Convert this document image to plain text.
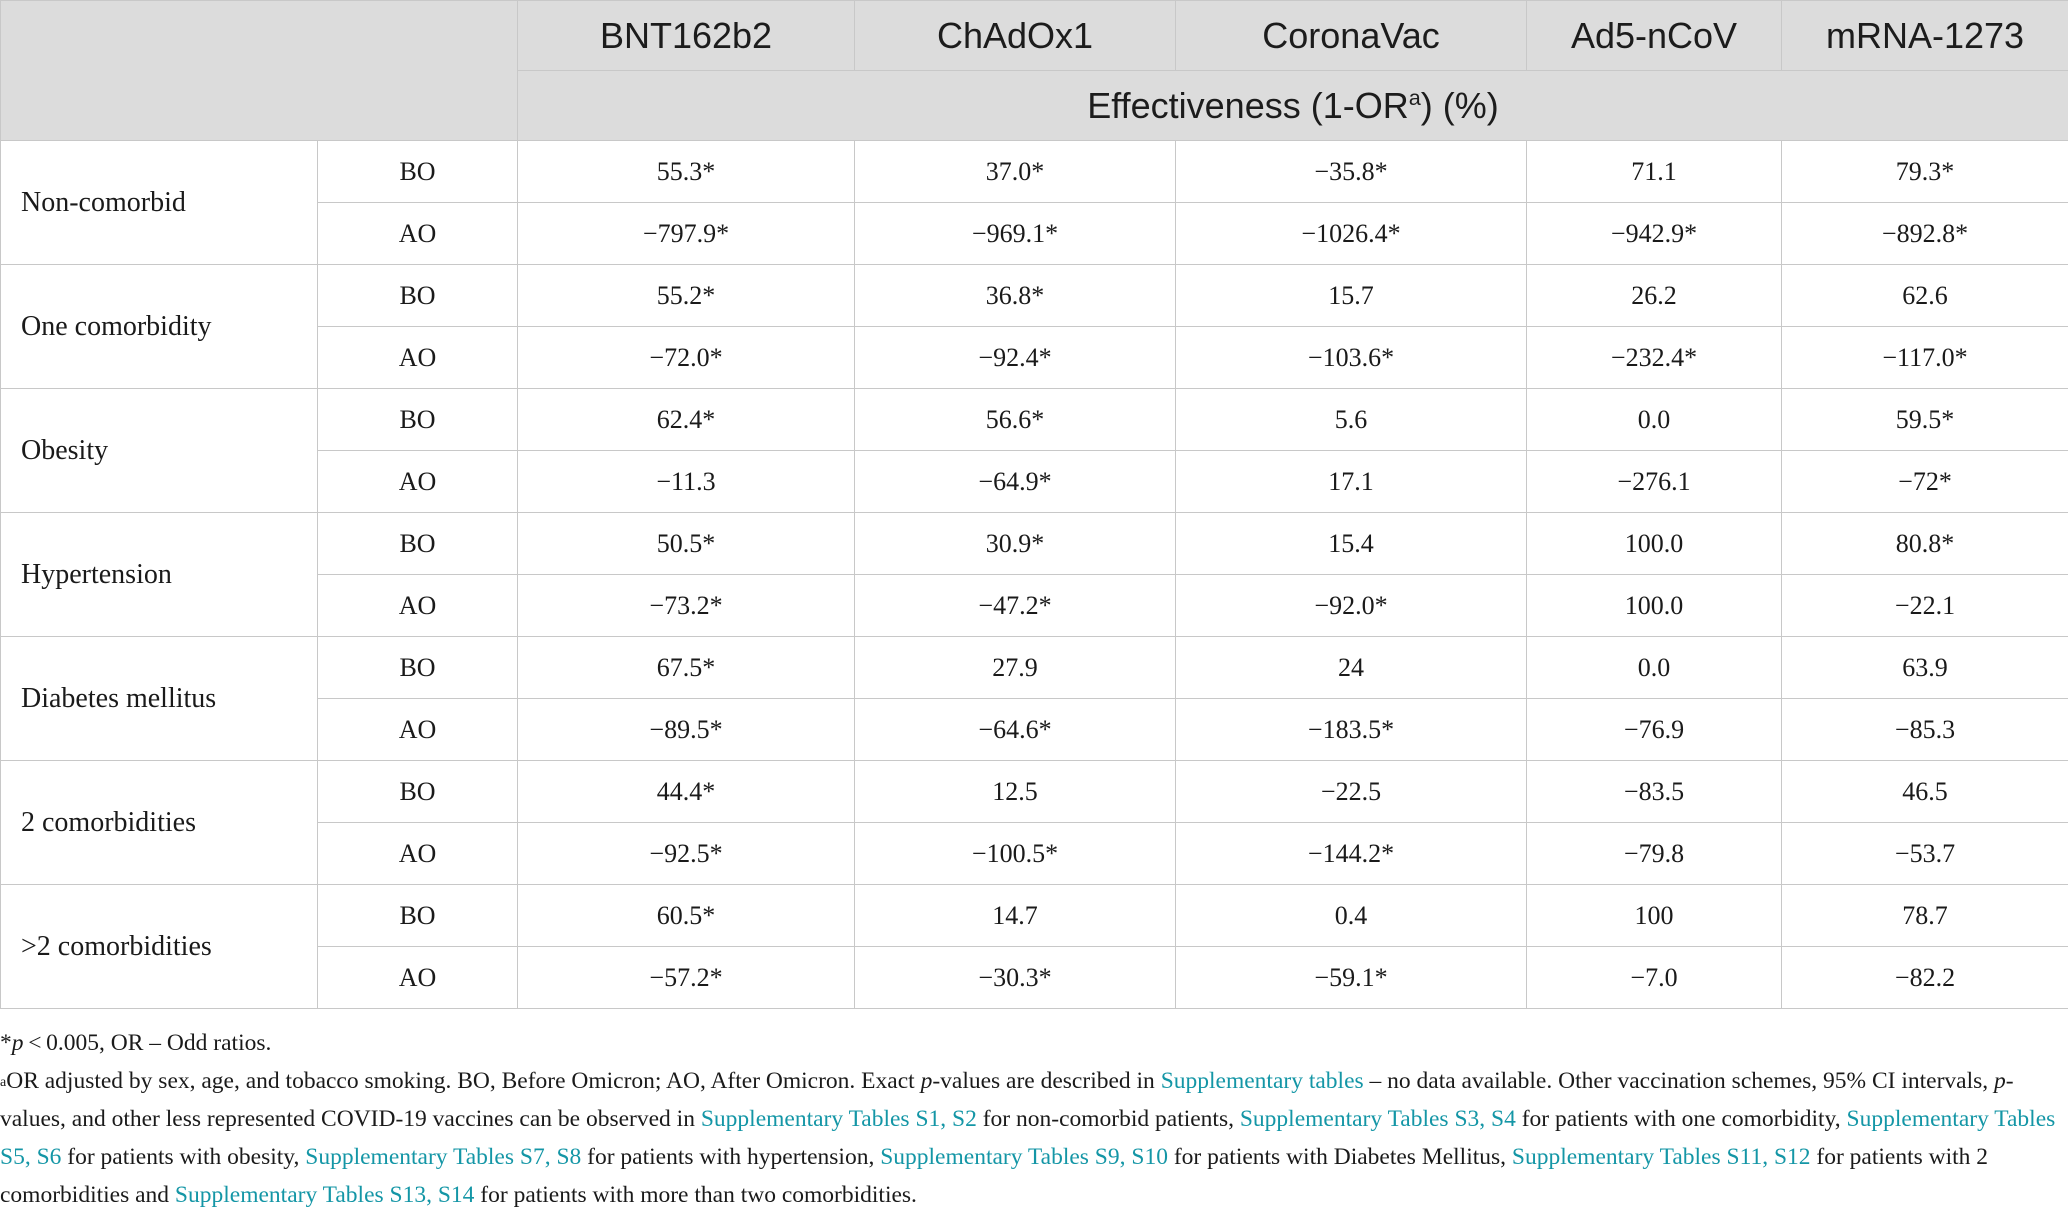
		BNT162b2	ChAdOx1	CoronaVac	Ad5-nCoV	mRNA-1273
		Effectiveness $(1-OR^a)$ (%)				
Non-comorbid	BO	55.3*	37.0*	−35.8*	71.1	79.3*
	AO	−797.9*	−969.1*	−1026.4*	−942.9*	−892.8*
One comorbidity	BO	55.2*	36.8*	15.7	26.2	62.6
	AO	−72.0*	−92.4*	−103.6*	−232.4*	−117.0*
Obesity	BO	62.4*	56.6*	5.6	0.0	59.5*
	AO	−11.3	−64.9*	17.1	−276.1	−72*
Hypertension	BO	50.5*	30.9*	15.4	100.0	80.8*
	AO	−73.2*	−47.2*	−92.0*	100.0	−22.1
Diabetes mellitus	BO	67.5*	27.9	24	0.0	63.9
	AO	−89.5*	−64.6*	−183.5*	−76.9	−85.3
2 comorbidities	BO	44.4*	12.5	−22.5	−83.5	46.5
	AO	−92.5*	−100.5*	−144.2*	−79.8	−53.7
>2 comorbidities	BO	60.5*	14.7	0.4	100	78.7
	AO	−57.2*	−30.3*	−59.1*	−7.0	−82.2

*p < 0.005, OR – Odd ratios.

$^a$OR adjusted by sex, age, and tobacco smoking. BO, Before Omicron; AO, After Omicron. Exact p-values are described in Supplementary tables – no data available. Other vaccination schemes, 95% CI intervals, p-values, and other less represented COVID-19 vaccines can be observed in Supplementary Tables S1, S2 for non-comorbid patients, Supplementary Tables S3, S4 for patients with one comorbidity, Supplementary Tables S5, S6 for patients with obesity, Supplementary Tables S7, S8 for patients with hypertension, Supplementary Tables S9, S10 for patients with Diabetes Mellitus, Supplementary Tables S11, S12 for patients with 2 comorbidities and Supplementary Tables S13, S14 for patients with more than two comorbidities.
